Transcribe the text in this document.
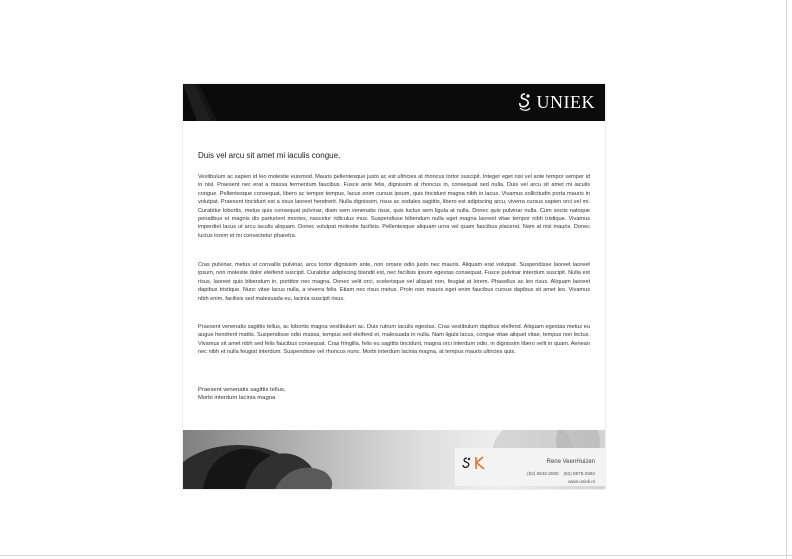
UNIEK
Duis vel arcu sit amet mi iaculis congue,

Vestibulum ac sapien id leo molestie euismod. Mauris pellentesque justo ac est ultricies at rhoncus tortor suscipit. Integer eget nisi vel ante tempor semper id in nisl. Praesent nec erat a massa fermentum faucibus. Fusce ante felis, dignissim at rhoncus in, consequat sed nulla. Duis vel arcu sit amet mi iaculis congue. Pellentesque consequat, libero ac tempor tempus, lacus enim cursus ipsum, quis tincidunt magna nibh in lacus. Vivamus sollicitudin porta mauris in volutpat. Praesent tincidunt est a risus laoreet hendrerit. Nulla dignissim, risus ac sodales sagittis, libero est adipiscing arcu, viverra cursus sapien orci vel mi. Curabitur lobortis, metus quis consequat pulvinar, diam sem venenatis risus, quis luctus sem ligula at nulla. Donec quis pulvinar nulla. Cum sociis natoque penatibus et magnis dis parturient montes, nascetur ridiculus mus. Suspendisse bibendum nulla eget magna laoreet vitae tempor nibh tristique. Vivamus imperdiet lacus ut arcu iaculis aliquam. Donec volutpat molestie facilisis. Pellentesque aliquam urna vel quam faucibus placerat. Nam at nisi mauris. Donec luctus lorem et mi consectetur pharetra.

Cras pulvinar, metus ut convallis pulvinar, arcu tortor dignissim ante, non ornare odio justo nec mauris. Aliquam erat volutpat. Suspendisse laoreet laoreet ipsum, non molestie dolor eleifend suscipit. Curabitur adipiscing blandit est, nec facilisis ipsum egestas consequat. Fusce pulvinar interdum suscipit. Nulla est risus, laoreet quis bibendum in, porttitor nec magna. Donec velit orci, scelerisque vel aliquet non, feugiat at lorem. Phasellus ac leo risus. Aliquam laoreet dapibus tristique. Nunc vitae lacus nulla, a viverra felis. Etiam nec risus metus. Proin non mauris eget enim faucibus cursus dapibus sit amet leo. Vivamus nibh enim, facilisis sed malesuada eu, lacinia suscipit risus.

Praesent venenatis sagittis tellus, ac lobortis magna vestibulum ac. Duis rutrum iaculis egestas. Cras vestibulum dapibus eleifend. Aliquam egestas metus eu augue hendrerit mattis. Suspendisse odio massa, tempus sed eleifend et, malesuada in nulla. Nam ligula lacus, congue vitae aliquet vitae, tempus non lectus. Vivamus sit amet nibh sed felis faucibus consequat. Cras fringilla, felis eu sagittis tincidunt, magna orci interdum odio, in dignissim libero velit in quam. Aenean nec nibh et nulla feugiat interdum. Suspendisse vel rhoncus nunc. Morbi interdum lacinia magna, at tempus mauris ultricies quis.

Praesent venenatis sagittis tellus,
Morbi interdum lacinia magna
Rene VeenHuizen
(52) 5642-2060 (52) 9875-2583
www.uniek.nl
